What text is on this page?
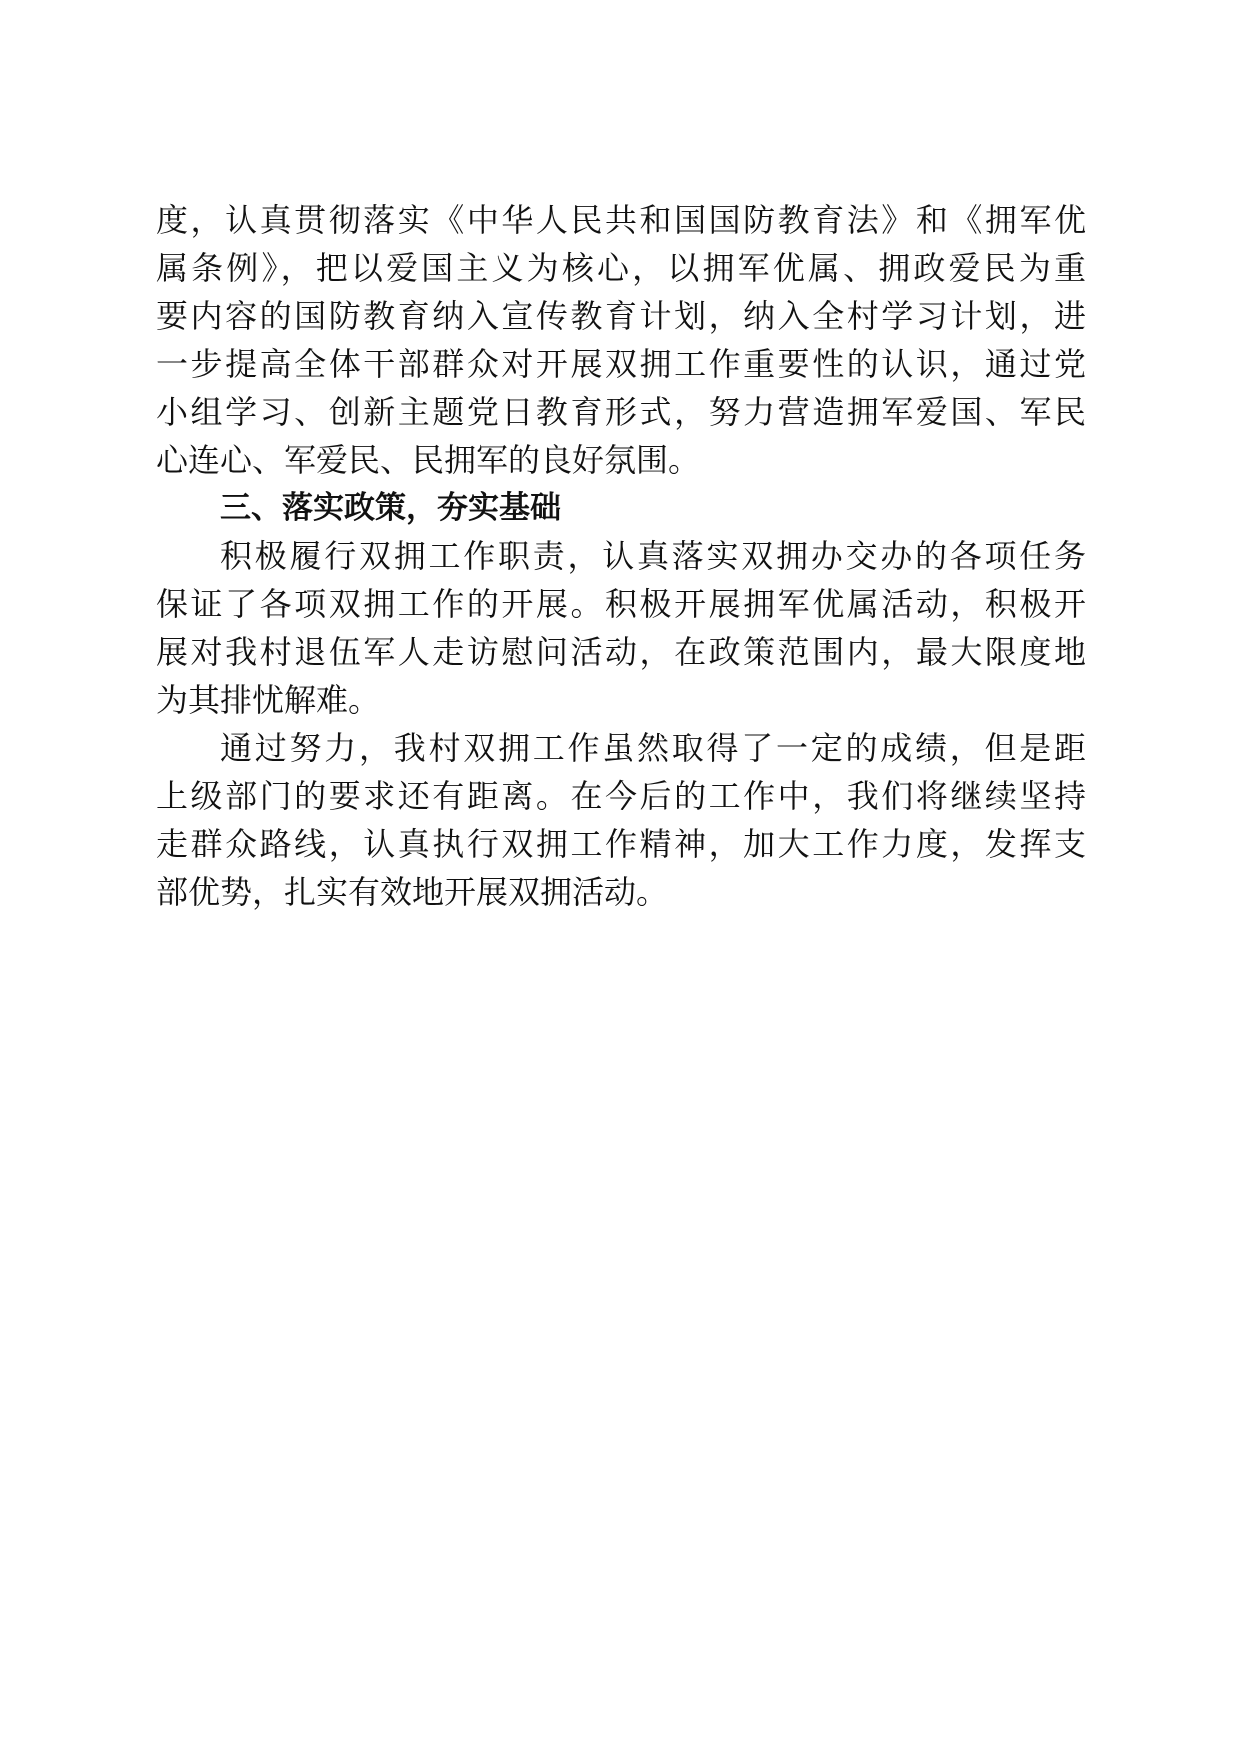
度，认真贯彻落实《中华人民共和国国防教育法》和《拥军优
属条例》，把以爱国主义为核心，以拥军优属、拥政爱民为重
要内容的国防教育纳入宣传教育计划，纳入全村学习计划，进
一步提高全体干部群众对开展双拥工作重要性的认识，通过党
小组学习、创新主题党日教育形式，努力营造拥军爱国、军民
心连心、军爱民、民拥军的良好氛围。
三、落实政策，夯实基础
积极履行双拥工作职责，认真落实双拥办交办的各项任务
保证了各项双拥工作的开展。积极开展拥军优属活动，积极开
展对我村退伍军人走访慰问活动，在政策范围内，最大限度地
为其排忧解难。
通过努力，我村双拥工作虽然取得了一定的成绩，但是距
上级部门的要求还有距离。在今后的工作中，我们将继续坚持
走群众路线，认真执行双拥工作精神，加大工作力度，发挥支
部优势，扎实有效地开展双拥活动。
